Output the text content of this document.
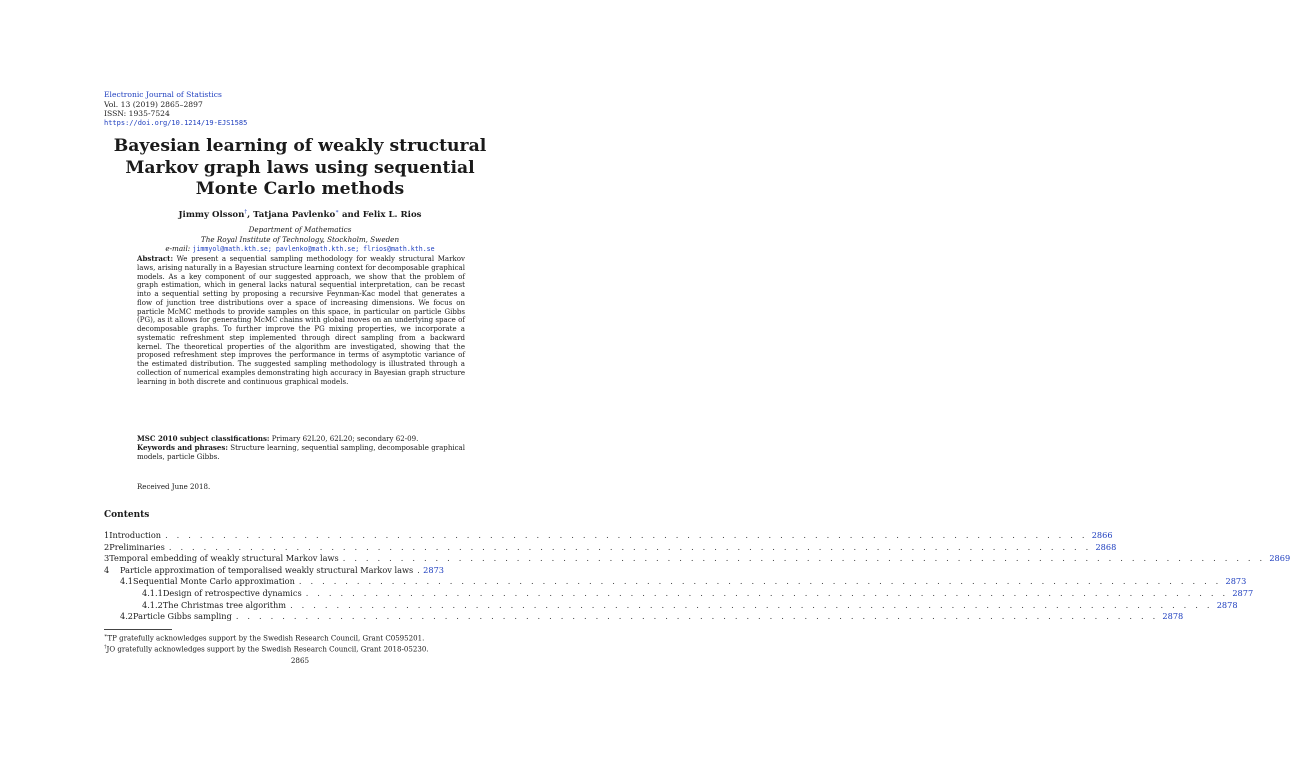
Electronic Journal of Statistics
Vol. 13 (2019) 2865–2897
ISSN: 1935-7524
https://doi.org/10.1214/19-EJS1585
Bayesian learning of weakly structural
Markov graph laws using sequential
Monte Carlo methods
Jimmy Olsson†, Tatjana Pavlenko∗ and Felix L. Rios
Department of Mathematics
The Royal Institute of Technology, Stockholm, Sweden
e-mail: jimmyol@math.kth.se; pavlenko@math.kth.se; flrios@math.kth.se
Abstract: We present a sequential sampling methodology for weakly structural Markov laws, arising naturally in a Bayesian structure learning context for decomposable graphical models. As a key component of our suggested approach, we show that the problem of graph estimation, which in general lacks natural sequential interpretation, can be recast into a sequential setting by proposing a recursive Feynman-Kac model that generates a flow of junction tree distributions over a space of increasing dimensions. We focus on particle McMC methods to provide samples on this space, in particular on particle Gibbs (PG), as it allows for generating McMC chains with global moves on an underlying space of decomposable graphs. To further improve the PG mixing properties, we incorporate a systematic refreshment step implemented through direct sampling from a backward kernel. The theoretical properties of the algorithm are investigated, showing that the proposed refreshment step improves the performance in terms of asymptotic variance of the estimated distribution. The suggested sampling methodology is illustrated through a collection of numerical examples demonstrating high accuracy in Bayesian graph structure learning in both discrete and continuous graphical models.
MSC 2010 subject classifications: Primary 62L20, 62L20; secondary 62-09.
Keywords and phrases: Structure learning, sequential sampling, decomposable graphical models, particle Gibbs.
Received June 2018.
Contents
1 Introduction . . . . . . . . . . . . . . . . . . . . . . . . . . . . . . . . . . . . . . . . . . . . . . . . . . . . . . . . . . . . . . . . . . . . . . . . . . . . . . . . 2866
2 Preliminaries . . . . . . . . . . . . . . . . . . . . . . . . . . . . . . . . . . . . . . . . . . . . . . . . . . . . . . . . . . . . . . . . . . . . . . . . . . . . . . . . 2868
3 Temporal embedding of weakly structural Markov laws . . . . . . . . . . . . . . . . . . . . . . . . . . . . . . . . . . . . . . . . . . . . . . . . . . . . . . . . . . . . . . . . . . . . . . . . . . . . . . . . 2869
4	Particle approximation of temporalised weakly structural Markov laws 2873
4.1 Sequential Monte Carlo approximation . . . . . . . . . . . . . . . . . . . . . . . . . . . . . . . . . . . . . . . . . . . . . . . . . . . . . . . . . . . . . . . . . . . . . . . . . . . . . . . . 2873
4.1.1 Design of retrospective dynamics . . . . . . . . . . . . . . . . . . . . . . . . . . . . . . . . . . . . . . . . . . . . . . . . . . . . . . . . . . . . . . . . . . . . . . . . . . . . . . . . 2877
4.1.2 The Christmas tree algorithm . . . . . . . . . . . . . . . . . . . . . . . . . . . . . . . . . . . . . . . . . . . . . . . . . . . . . . . . . . . . . . . . . . . . . . . . . . . . . . . . 2878
4.2 Particle Gibbs sampling . . . . . . . . . . . . . . . . . . . . . . . . . . . . . . . . . . . . . . . . . . . . . . . . . . . . . . . . . . . . . . . . . . . . . . . . . . . . . . . . 2878
∗TP gratefully acknowledges support by the Swedish Research Council, Grant C0595201.
†JO gratefully acknowledges support by the Swedish Research Council, Grant 2018-05230.
2865
